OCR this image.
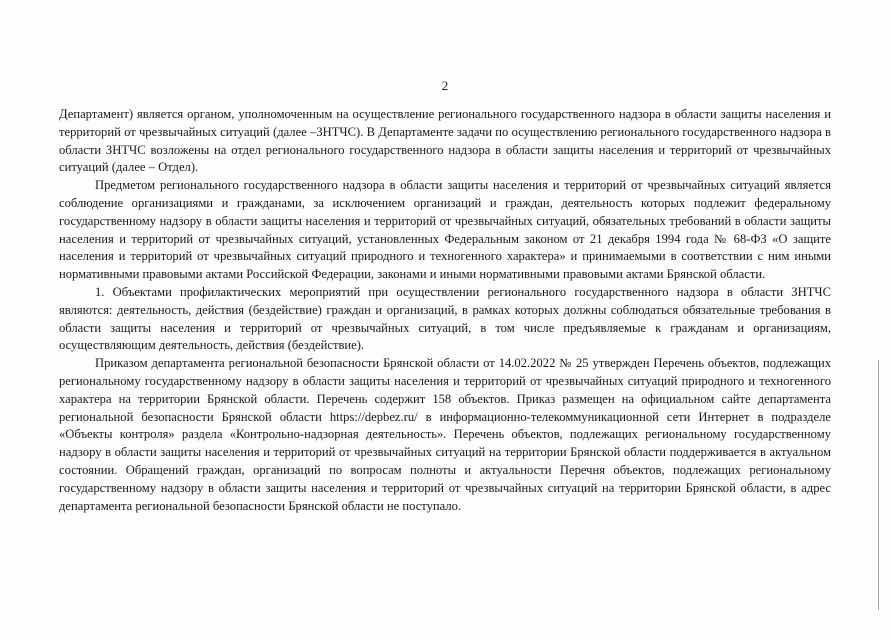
2

Департамент) является органом, уполномоченным на осуществление регионального государственного надзора в области защиты населения и территорий от чрезвычайных ситуаций (далее –ЗНТЧС). В Департаменте задачи по осуществлению регионального государственного надзора в области ЗНТЧС возложены на отдел регионального государственного надзора в области защиты населения и территорий от чрезвычайных ситуаций (далее – Отдел).

Предметом регионального государственного надзора в области защиты населения и территорий от чрезвычайных ситуаций является соблюдение организациями и гражданами, за исключением организаций и граждан, деятельность которых подлежит федеральному государственному надзору в области защиты населения и территорий от чрезвычайных ситуаций, обязательных требований в области защиты населения и территорий от чрезвычайных ситуаций, установленных Федеральным законом от 21 декабря 1994 года № 68-ФЗ «О защите населения и территорий от чрезвычайных ситуаций природного и техногенного характера» и принимаемыми в соответствии с ним иными нормативными правовыми актами Российской Федерации, законами и иными нормативными правовыми актами Брянской области.

1. Объектами профилактических мероприятий при осуществлении регионального государственного надзора в области ЗНТЧС являются: деятельность, действия (бездействие) граждан и организаций, в рамках которых должны соблюдаться обязательные требования в области защиты населения и территорий от чрезвычайных ситуаций, в том числе предъявляемые к гражданам и организациям, осуществляющим деятельность, действия (бездействие).

Приказом департамента региональной безопасности Брянской области от 14.02.2022 № 25 утвержден Перечень объектов, подлежащих региональному государственному надзору в области защиты населения и территорий от чрезвычайных ситуаций природного и техногенного характера на территории Брянской области. Перечень содержит 158 объектов. Приказ размещен на официальном сайте департамента региональной безопасности Брянской области https://depbez.ru/ в информационно-телекоммуникационной сети Интернет в подразделе «Объекты контроля» раздела «Контрольно-надзорная деятельность». Перечень объектов, подлежащих региональному государственному надзору в области защиты населения и территорий от чрезвычайных ситуаций на территории Брянской области поддерживается в актуальном состоянии. Обращений граждан, организаций по вопросам полноты и актуальности Перечня объектов, подлежащих региональному государственному надзору в области защиты населения и территорий от чрезвычайных ситуаций на территории Брянской области, в адрес департамента региональной безопасности Брянской области не поступало.
